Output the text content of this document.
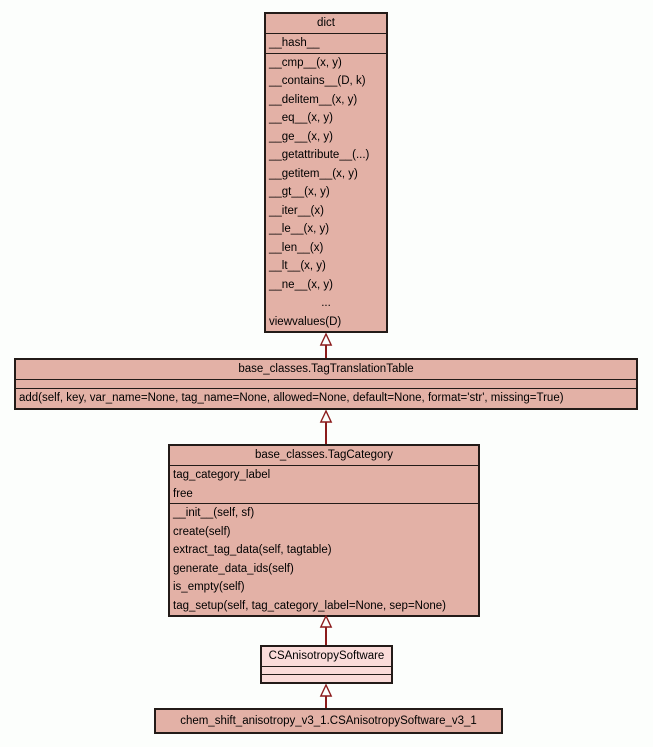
dict
__hash__
__cmp__(x, y)
__contains__(D, k)
__delitem__(x, y)
__eq__(x, y)
__ge__(x, y)
__getattribute__(...)
__getitem__(x, y)
__gt__(x, y)
__iter__(x)
__le__(x, y)
__len__(x)
__lt__(x, y)
__ne__(x, y)
...
viewvalues(D)
base_classes.TagTranslationTable
add(self, key, var_name=None, tag_name=None, allowed=None, default=None, format='str', missing=True)
base_classes.TagCategory
tag_category_label
free
__init__(self, sf)
create(self)
extract_tag_data(self, tagtable)
generate_data_ids(self)
is_empty(self)
tag_setup(self, tag_category_label=None, sep=None)
CSAnisotropySoftware
chem_shift_anisotropy_v3_1.CSAnisotropySoftware_v3_1
